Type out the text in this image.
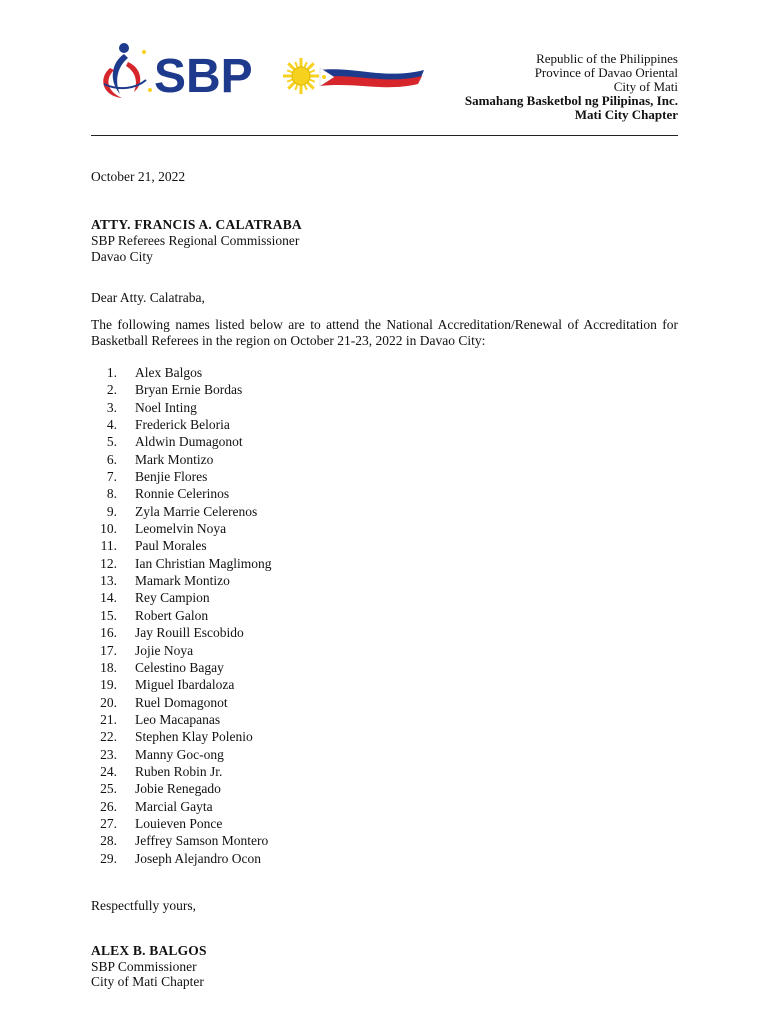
SBP	Republic of the Philippines
Province of Davao Oriental
City of Mati
Samahang Basketbol ng Pilipinas, Inc.
Mati City Chapter
October 21, 2022
ATTY. FRANCIS A. CALATRABA
SBP Referees Regional Commissioner
Davao City
Dear Atty. Calatraba,
The following names listed below are to attend the National Accreditation/Renewal of Accreditation for Basketball Referees in the region on October 21-23, 2022 in Davao City:
1. Alex Balgos
2. Bryan Ernie Bordas
3. Noel Inting
4. Frederick Beloria
5. Aldwin Dumagonot
6. Mark Montizo
7. Benjie Flores
8. Ronnie Celerinos
9. Zyla Marrie Celerenos
10. Leomelvin Noya
11. Paul Morales
12. Ian Christian Maglimong
13. Mamark Montizo
14. Rey Campion
15. Robert Galon
16. Jay Rouill Escobido
17. Jojie Noya
18. Celestino Bagay
19. Miguel Ibardaloza
20. Ruel Domagonot
21. Leo Macapanas
22. Stephen Klay Polenio
23. Manny Goc-ong
24. Ruben Robin Jr.
25. Jobie Renegado
26. Marcial Gayta
27. Louieven Ponce
28. Jeffrey Samson Montero
29. Joseph Alejandro Ocon
Respectfully yours,
ALEX B. BALGOS
SBP Commissioner
City of Mati Chapter
